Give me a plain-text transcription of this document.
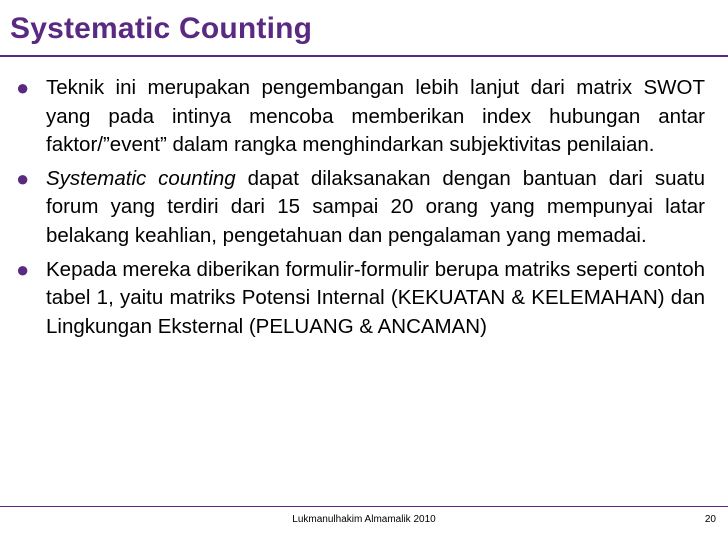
Systematic Counting
● Teknik ini merupakan pengembangan lebih lanjut dari matrix SWOT yang pada intinya mencoba memberikan index hubungan antar faktor/”event” dalam rangka menghindarkan subjektivitas penilaian.
● Systematic counting dapat dilaksanakan dengan bantuan dari suatu forum yang terdiri dari 15 sampai 20 orang yang mempunyai latar belakang keahlian, pengetahuan dan pengalaman yang memadai.
● Kepada mereka diberikan formulir-formulir berupa matriks seperti contoh tabel 1, yaitu matriks Potensi Internal (KEKUATAN & KELEMAHAN) dan Lingkungan Eksternal (PELUANG & ANCAMAN)
Lukmanulhakim Almamalik 2010	20
